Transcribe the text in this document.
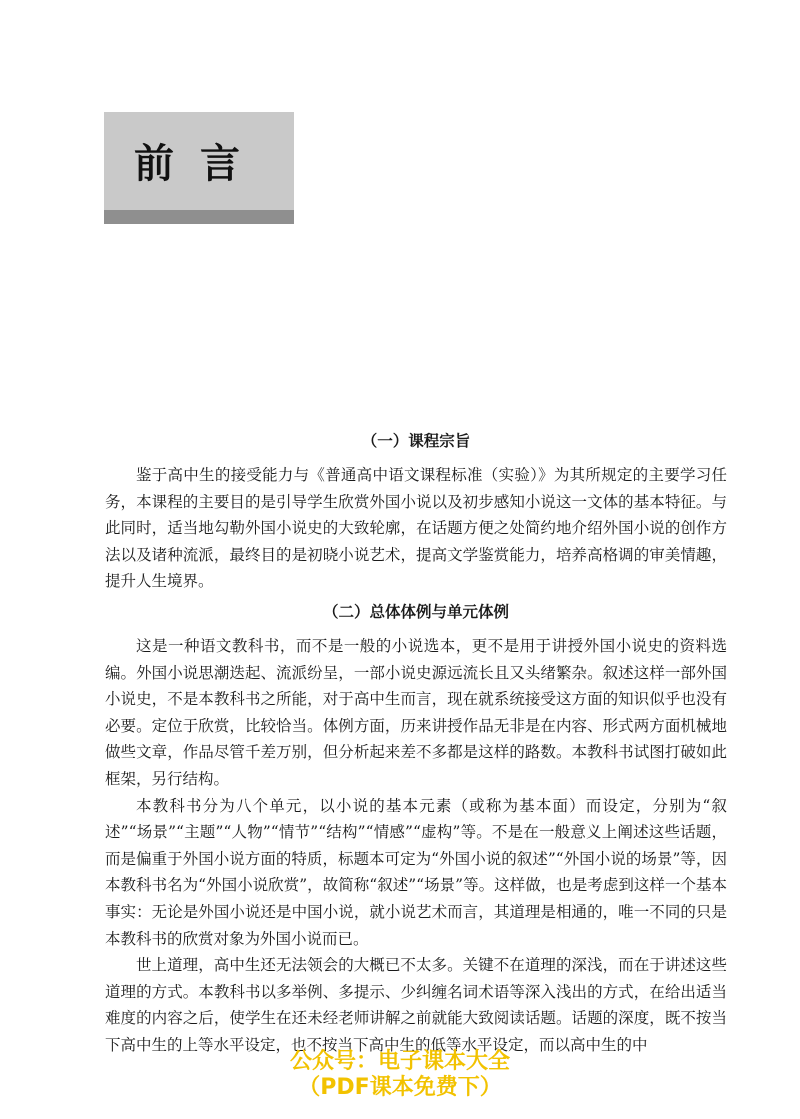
前言
（一）课程宗旨

鉴于高中生的接受能力与《普通高中语文课程标准（实验）》为其所规定的主要学习任务，本课程的主要目的是引导学生欣赏外国小说以及初步感知小说这一文体的基本特征。与此同时，适当地勾勒外国小说史的大致轮廓，在话题方便之处简约地介绍外国小说的创作方法以及诸种流派，最终目的是初晓小说艺术，提高文学鉴赏能力，培养高格调的审美情趣，提升人生境界。

（二）总体体例与单元体例

这是一种语文教科书，而不是一般的小说选本，更不是用于讲授外国小说史的资料选编。外国小说思潮迭起、流派纷呈，一部小说史源远流长且又头绪繁杂。叙述这样一部外国小说史，不是本教科书之所能，对于高中生而言，现在就系统接受这方面的知识似乎也没有必要。定位于欣赏，比较恰当。体例方面，历来讲授作品无非是在内容、形式两方面机械地做些文章，作品尽管千差万别，但分析起来差不多都是这样的路数。本教科书试图打破如此框架，另行结构。

本教科书分为八个单元，以小说的基本元素（或称为基本面）而设定，分别为“叙述”“场景”“主题”“人物”“情节”“结构”“情感”“虚构”等。不是在一般意义上阐述这些话题，而是偏重于外国小说方面的特质，标题本可定为“外国小说的叙述”“外国小说的场景”等，因本教科书名为“外国小说欣赏”，故简称“叙述”“场景”等。这样做，也是考虑到这样一个基本事实：无论是外国小说还是中国小说，就小说艺术而言，其道理是相通的，唯一不同的只是本教科书的欣赏对象为外国小说而已。

世上道理，高中生还无法领会的大概已不太多。关键不在道理的深浅，而在于讲述这些道理的方式。本教科书以多举例、多提示、少纠缠名词术语等深入浅出的方式，在给出适当难度的内容之后，使学生在还未经老师讲解之前就能大致阅读话题。话题的深度，既不按当下高中生的上等水平设定，也不按当下高中生的低等水平设定，而以高中生的中

公众号：电子课本大全
（PDF课本免费下）
